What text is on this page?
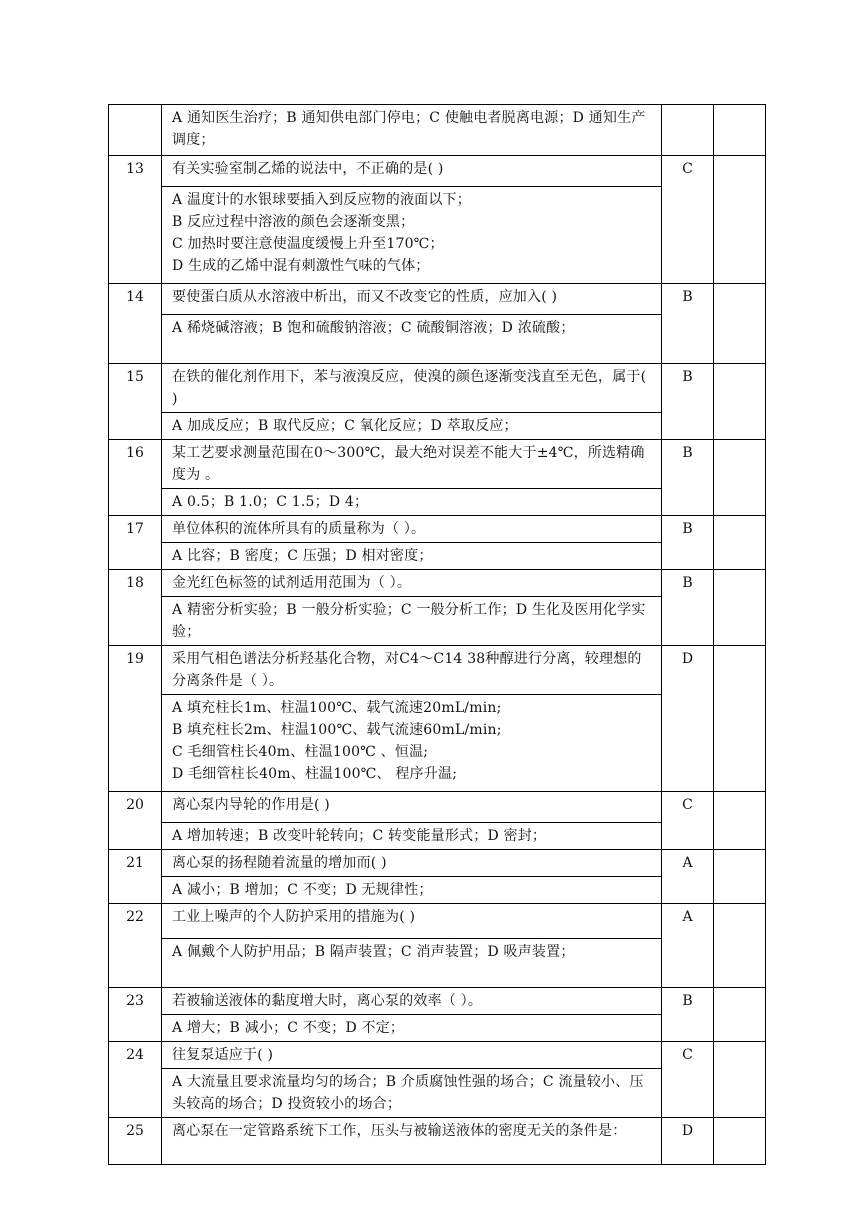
	A 通知医生治疗；B 通知供电部门停电；C 使触电者脱离电源；D 通知生产调度；		

13	有关实验室制乙烯的说法中，不正确的是( )	C	

	A 温度计的水银球要插入到反应物的液面以下；
B 反应过程中溶液的颜色会逐渐变黑；
C 加热时要注意使温度缓慢上升至170℃；
D 生成的乙烯中混有刺激性气味的气体；		

14	要使蛋白质从水溶液中析出，而又不改变它的性质，应加入( )	B	

	A 稀烧碱溶液；B 饱和硫酸钠溶液；C 硫酸铜溶液；D 浓硫酸；		

15	在铁的催化剂作用下，苯与液溴反应，使溴的颜色逐渐变浅直至无色，属于( )	B	

	A 加成反应；B 取代反应；C 氧化反应；D 萃取反应；		

16	某工艺要求测量范围在0～300℃，最大绝对误差不能大于±4℃，所选精确度为 。	B	

	A 0.5；B 1.0；C 1.5；D 4；		

17	单位体积的流体所具有的质量称为（ ）。	B	

	A 比容；B 密度；C 压强；D 相对密度；		

18	金光红色标签的试剂适用范围为（ ）。	B	

	A 精密分析实验；B 一般分析实验；C 一般分析工作；D 生化及医用化学实验；		

19	采用气相色谱法分析羟基化合物，对C4～C14 38种醇进行分离，较理想的分离条件是（ ）。	D	

	A 填充柱长1m、柱温100℃、载气流速20mL/min;
B 填充柱长2m、柱温100℃、载气流速60mL/min;
C 毛细管柱长40m、柱温100℃ 、恒温;
D 毛细管柱长40m、柱温100℃、 程序升温;		

20	离心泵内导轮的作用是( )	C	

	A 增加转速；B 改变叶轮转向；C 转变能量形式；D 密封；		

21	离心泵的扬程随着流量的增加而( )	A	

	A 减小；B 增加；C 不变；D 无规律性；		

22	工业上噪声的个人防护采用的措施为( )	A	

	A 佩戴个人防护用品；B 隔声装置；C 消声装置；D 吸声装置；		

23	若被输送液体的黏度增大时，离心泵的效率（ ）。	B	

	A 增大；B 减小；C 不变；D 不定；		

24	往复泵适应于( )	C	

	A 大流量且要求流量均匀的场合；B 介质腐蚀性强的场合；C 流量较小、压头较高的场合；D 投资较小的场合；		

25	离心泵在一定管路系统下工作，压头与被输送液体的密度无关的条件是：	D	
